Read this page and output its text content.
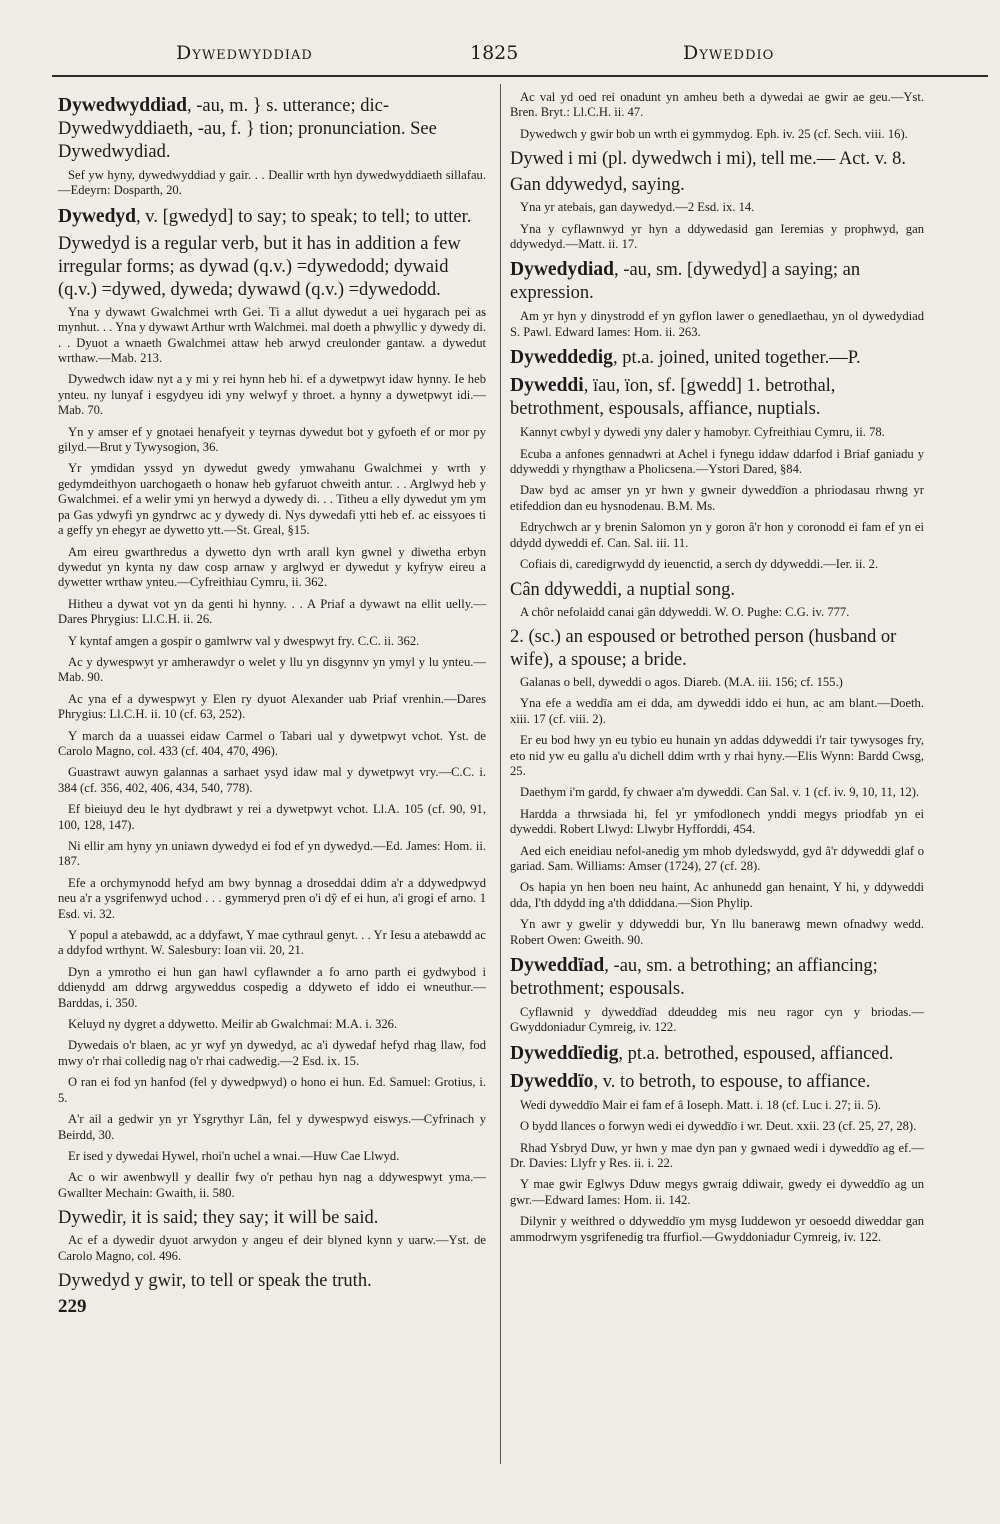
Dywedwyddiad	1825	Dyweddio

Dywedwyddiad, -au, m. } s. utterance; dic- Dywedwyddiaeth, -au, f. } tion; pronunciation. See Dywedwydiad.

Sef yw hyny, dywedwyddiad y gair. . . Deallir wrth hyn dywedwyddiaeth sillafau.—Edeyrn: Dosparth, 20.

Dywedyd, v. [gwedyd] to say; to speak; to tell; to utter.

Dywedyd is a regular verb, but it has in addition a few irregular forms; as dywad (q.v.) =dywedodd; dywaid (q.v.) =dywed, dyweda; dywawd (q.v.) =dywedodd.

Yna y dywawt Gwalchmei wrth Gei. Ti a allut dywedut a uei hygarach pei as mynhut. . . Yna y dywawt Arthur wrth Walchmei. mal doeth a phwyllic y dywedy di. . . Dyuot a wnaeth Gwalchmei attaw heb arwyd creulonder gantaw. a dywedut wrthaw.—Mab. 213.

Dywedwch idaw nyt a y mi y rei hynn heb hi. ef a dywetpwyt idaw hynny. Ie heb ynteu. ny lunyaf i esgydyeu idi yny welwyf y throet. a hynny a dywetpwyt idi.—Mab. 70.

Yn y amser ef y gnotaei henafyeit y teyrnas dywedut bot y gyfoeth ef or mor py gilyd.—Brut y Tywysogion, 36.

Yr ymdidan yssyd yn dywedut gwedy ymwahanu Gwalchmei y wrth y gedymdeithyon uarchogaeth o honaw heb gyfaruot chweith antur. . . Arglwyd heb y Gwalchmei. ef a welir ymi yn herwyd a dywedy di. . . Titheu a elly dywedut ym ym pa Gas ydwyfi yn gyndrwc ac y dywedy di. Nys dywedafi ytti heb ef. ac eissyoes ti a geffy yn ehegyr ae dywetto ytt.—St. Greal, §15.

Am eireu gwarthredus a dywetto dyn wrth arall kyn gwnel y diwetha erbyn dywedut yn kynta ny daw cosp arnaw y arglwyd er dywedut y kyfryw eireu a dywetter wrthaw ynteu.—Cyfreithiau Cymru, ii. 362.

Hitheu a dywat vot yn da genti hi hynny. . . A Priaf a dywawt na ellit uelly.—Dares Phrygius: Ll.C.H. ii. 26.

Y kyntaf amgen a gospir o gamlwrw val y dwespwyt fry. C.C. ii. 362.

Ac y dywespwyt yr amherawdyr o welet y llu yn disgynnv yn ymyl y lu ynteu.—Mab. 90.

Ac yna ef a dywespwyt y Elen ry dyuot Alexander uab Priaf vrenhin.—Dares Phrygius: Ll.C.H. ii. 10 (cf. 63, 252).

Y march da a uuassei eidaw Carmel o Tabari ual y dywetpwyt vchot. Yst. de Carolo Magno, col. 433 (cf. 404, 470, 496).

Guastrawt auwyn galannas a sarhaet ysyd idaw mal y dywetpwyt vry.—C.C. i. 384 (cf. 356, 402, 406, 434, 540, 778).

Ef bieiuyd deu le hyt dydbrawt y rei a dywetpwyt vchot. Ll.A. 105 (cf. 90, 91, 100, 128, 147).

Ni ellir am hyny yn uniawn dywedyd ei fod ef yn dywedyd.—Ed. James: Hom. ii. 187.

Efe a orchymynodd hefyd am bwy bynnag a droseddai ddim a'r a ddywedpwyd neu a'r a ysgrifenwyd uchod . . . gymmeryd pren o'i dŷ ef ei hun, a'i grogi ef arno. 1 Esd. vi. 32.

Y popul a atebawdd, ac a ddyfawt, Y mae cythraul genyt. . . Yr Iesu a atebawdd ac a ddyfod wrthynt. W. Salesbury: Ioan vii. 20, 21.

Dyn a ymrotho ei hun gan hawl cyflawnder a fo arno parth ei gydwybod i ddienydd am ddrwg argyweddus cospedig a ddyweto ef iddo ei wneuthur.—Barddas, i. 350.

Keluyd ny dygret a ddywetto. Meilir ab Gwalchmai: M.A. i. 326.

Dywedais o'r blaen, ac yr wyf yn dywedyd, ac a'i dywedaf hefyd rhag llaw, fod mwy o'r rhai colledig nag o'r rhai cadwedig.—2 Esd. ix. 15.

O ran ei fod yn hanfod (fel y dywedpwyd) o hono ei hun. Ed. Samuel: Grotius, i. 5.

A'r ail a gedwir yn yr Ysgrythyr Lân, fel y dywespwyd eiswys.—Cyfrinach y Beirdd, 30.

Er ised y dywedai Hywel, rhoi'n uchel a wnai.—Huw Cae Llwyd.

Ac o wir awenbwyll y deallir fwy o'r pethau hyn nag a ddywespwyt yma.—Gwallter Mechain: Gwaith, ii. 580.

Dywedir, it is said; they say; it will be said.

Ac ef a dywedir dyuot arwydon y angeu ef deir blyned kynn y uarw.—Yst. de Carolo Magno, col. 496.

Dywedyd y gwir, to tell or speak the truth.

229

Ac val yd oed rei onadunt yn amheu beth a dywedai ae gwir ae geu.—Yst. Bren. Bryt.: Ll.C.H. ii. 47.

Dywedwch y gwir bob un wrth ei gymmydog. Eph. iv. 25 (cf. Sech. viii. 16).

Dywed i mi (pl. dywedwch i mi), tell me.— Act. v. 8.

Gan ddywedyd, saying.

Yna yr atebais, gan daywedyd.—2 Esd. ix. 14.

Yna y cyflawnwyd yr hyn a ddywedasid gan Ieremias y prophwyd, gan ddywedyd.—Matt. ii. 17.

Dywedydiad, -au, sm. [dywedyd] a saying; an expression.

Am yr hyn y dinystrodd ef yn gyflon lawer o genedlaethau, yn ol dywedydiad S. Pawl. Edward Iames: Hom. ii. 263.

Dyweddedig, pt.a. joined, united together.—P.

Dyweddi, ïau, ïon, sf. [gwedd] 1. betrothal, betrothment, espousals, affiance, nuptials.

Kannyt cwbyl y dywedi yny daler y hamobyr. Cyfreithiau Cymru, ii. 78.

Ecuba a anfones gennadwri at Achel i fynegu iddaw ddarfod i Briaf ganiadu y ddyweddi y rhyngthaw a Pholicsena.—Ystori Dared, §84.

Daw byd ac amser yn yr hwn y gwneir dyweddïon a phriodasau rhwng yr etifeddion dan eu hysnodenau. B.M. Ms.

Edrychwch ar y brenin Salomon yn y goron â'r hon y coronodd ei fam ef yn ei ddydd dyweddi ef. Can. Sal. iii. 11.

Cofiais di, caredigrwydd dy ieuenctid, a serch dy ddyweddi.—Ier. ii. 2.

Cân ddyweddi, a nuptial song.

A chôr nefolaidd canai gân ddyweddi. W. O. Pughe: C.G. iv. 777.

2. (sc.) an espoused or betrothed person (husband or wife), a spouse; a bride.

Galanas o bell, dyweddi o agos. Diareb. (M.A. iii. 156; cf. 155.)

Yna efe a weddïa am ei dda, am dyweddi iddo ei hun, ac am blant.—Doeth. xiii. 17 (cf. viii. 2).

Er eu bod hwy yn eu tybio eu hunain yn addas ddyweddi i'r tair tywysoges fry, eto nid yw eu gallu a'u dichell ddim wrth y rhai hyny.—Elis Wynn: Bardd Cwsg, 25.

Daethym i'm gardd, fy chwaer a'm dyweddi. Can Sal. v. 1 (cf. iv. 9, 10, 11, 12).

Hardda a thrwsiada hi, fel yr ymfodlonech ynddi megys priodfab yn ei dyweddi. Robert Llwyd: Llwybr Hyfforddi, 454.

Aed eich eneidiau nefol-anedig ym mhob dyledswydd, gyd â'r ddyweddi glaf o gariad. Sam. Williams: Amser (1724), 27 (cf. 28).

Os hapia yn hen boen neu haint, Ac anhunedd gan henaint, Y hi, y ddyweddi dda, I'th ddydd ing a'th ddiddana.—Sion Phylip.

Yn awr y gwelir y ddyweddi bur, Yn llu banerawg mewn ofnadwy wedd. Robert Owen: Gweith. 90.

Dyweddïad, -au, sm. a betrothing; an affiancing; betrothment; espousals.

Cyflawnid y dyweddïad ddeuddeg mis neu ragor cyn y briodas.—Gwyddoniadur Cymreig, iv. 122.

Dyweddïedig, pt.a. betrothed, espoused, affianced.

Dyweddïo, v. to betroth, to espouse, to affiance.

Wedi dyweddïo Mair ei fam ef â Ioseph. Matt. i. 18 (cf. Luc i. 27; ii. 5).

O bydd llances o forwyn wedi ei dyweddïo i wr. Deut. xxii. 23 (cf. 25, 27, 28).

Rhad Ysbryd Duw, yr hwn y mae dyn pan y gwnaed wedi i dyweddïo ag ef.—Dr. Davies: Llyfr y Res. ii. i. 22.

Y mae gwir Eglwys Dduw megys gwraig ddiwair, gwedy ei dyweddïo ag un gwr.—Edward Iames: Hom. ii. 142.

Dilynir y weithred o ddyweddïo ym mysg Iuddewon yr oesoedd diweddar gan ammodrwym ysgrifenedig tra ffurfiol.—Gwyddoniadur Cymreig, iv. 122.
